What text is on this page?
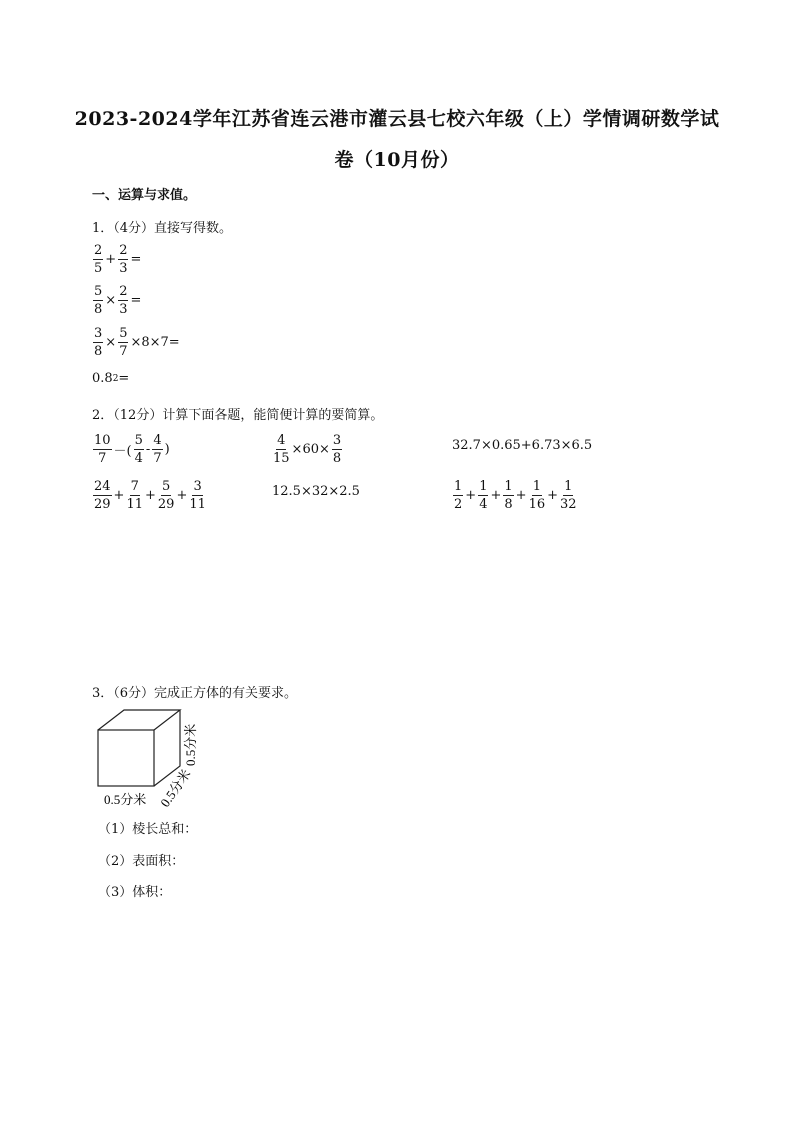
2023-2024学年江苏省连云港市灌云县七校六年级（上）学情调研数学试
卷（10月份）
一、运算与求值。
1．（4分）直接写得数。
$\frac{2}{5} + \frac{2}{3}$ =
$\frac{5}{8} \times \frac{2}{3}$ =
$\frac{3}{8} \times \frac{5}{7} \times 8\times 7=$
0.8 2 =
2．（12分）计算下面各题，能简便计算的要简算。
$\frac{10}{7}$ －( $\frac{5}{4} - \frac{4}{7}$ )	$\frac{4}{15} \times 60\times \frac{3}{8}$	32.7×0.65+6.73×6.5
$\frac{24}{29} + \frac{7}{11} + \frac{5}{29} + \frac{3}{11}$	12.5×32×2.5	$\frac{1}{2} + \frac{1}{4} + \frac{1}{8} + \frac{1}{16} + \frac{1}{32}$
3．（6分）完成正方体的有关要求。
0.5分米 0.5分米
0.5分米
（1）棱长总和：
（2）表面积：
（3）体积：
